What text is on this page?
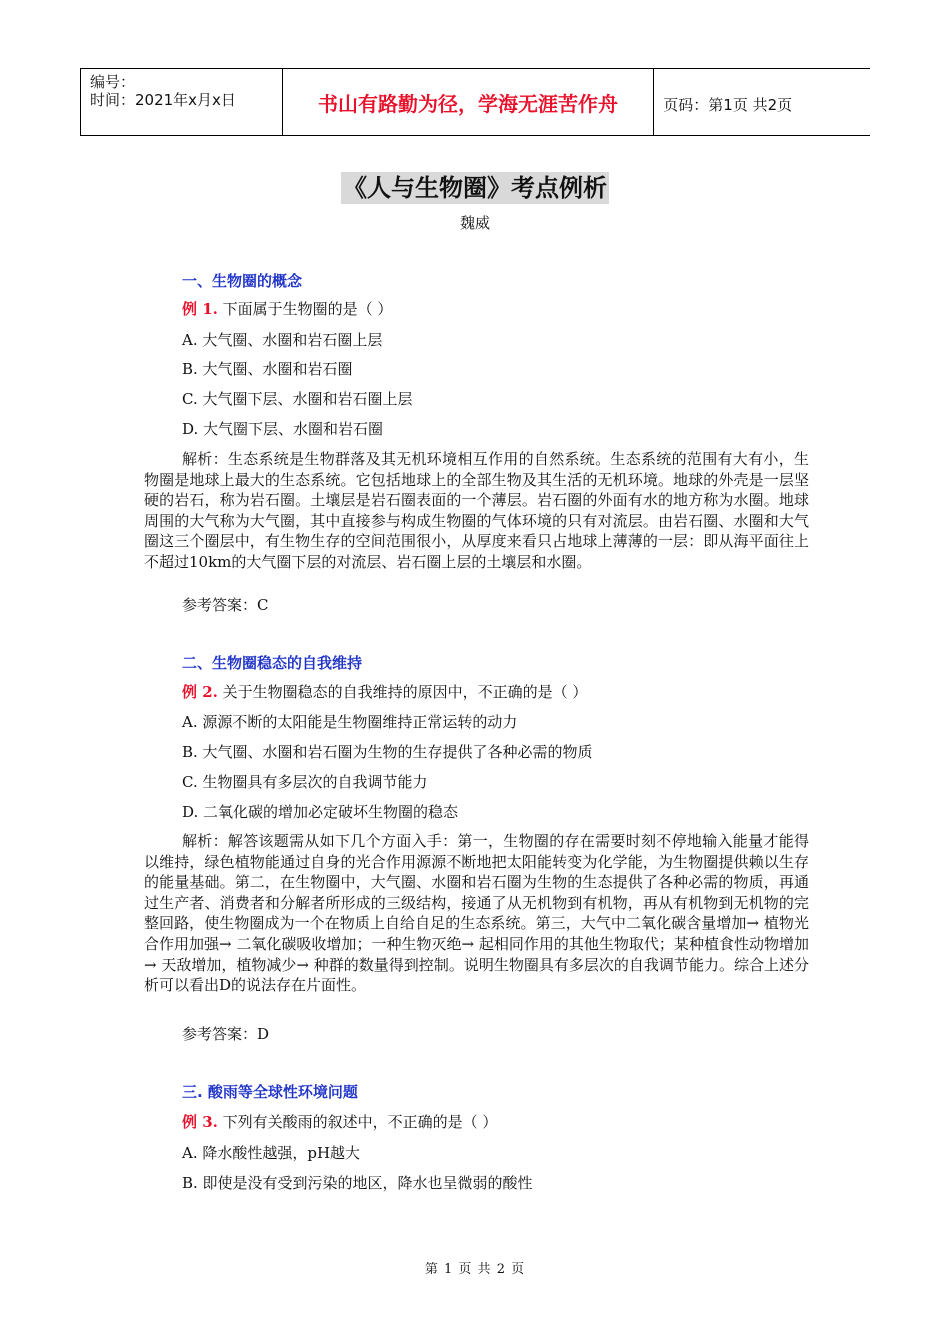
编号：
时间：2021年x月x日	书山有路勤为径，学海无涯苦作舟	页码：第1页 共2页
《人与生物圈》考点例析
魏威
一、生物圈的概念
例 1. 下面属于生物圈的是（ ）
A. 大气圈、水圈和岩石圈上层
B. 大气圈、水圈和岩石圈
C. 大气圈下层、水圈和岩石圈上层
D. 大气圈下层、水圈和岩石圈
解析：生态系统是生物群落及其无机环境相互作用的自然系统。生态系统的范围有大有小，生物圈是地球上最大的生态系统。它包括地球上的全部生物及其生活的无机环境。地球的外壳是一层坚硬的岩石，称为岩石圈。土壤层是岩石圈表面的一个薄层。岩石圈的外面有水的地方称为水圈。地球周围的大气称为大气圈，其中直接参与构成生物圈的气体环境的只有对流层。由岩石圈、水圈和大气圈这三个圈层中，有生物生存的空间范围很小，从厚度来看只占地球上薄薄的一层：即从海平面往上不超过10km的大气圈下层的对流层、岩石圈上层的土壤层和水圈。
参考答案：C
二、生物圈稳态的自我维持
例 2. 关于生物圈稳态的自我维持的原因中，不正确的是（ ）
A. 源源不断的太阳能是生物圈维持正常运转的动力
B. 大气圈、水圈和岩石圈为生物的生存提供了各种必需的物质
C. 生物圈具有多层次的自我调节能力
D. 二氧化碳的增加必定破坏生物圈的稳态
解析：解答该题需从如下几个方面入手：第一，生物圈的存在需要时刻不停地输入能量才能得以维持，绿色植物能通过自身的光合作用源源不断地把太阳能转变为化学能，为生物圈提供赖以生存的能量基础。第二，在生物圈中，大气圈、水圈和岩石圈为生物的生态提供了各种必需的物质，再通过生产者、消费者和分解者所形成的三级结构，接通了从无机物到有机物，再从有机物到无机物的完整回路，使生物圈成为一个在物质上自给自足的生态系统。第三，大气中二氧化碳含量增加→ 植物光合作用加强→ 二氧化碳吸收增加；一种生物灭绝→ 起相同作用的其他生物取代；某种植食性动物增加→ 天敌增加，植物减少→ 种群的数量得到控制。说明生物圈具有多层次的自我调节能力。综合上述分析可以看出D的说法存在片面性。
参考答案：D
三. 酸雨等全球性环境问题
例 3. 下列有关酸雨的叙述中，不正确的是（ ）
A. 降水酸性越强，pH越大
B. 即使是没有受到污染的地区，降水也呈微弱的酸性
第 1 页 共 2 页
